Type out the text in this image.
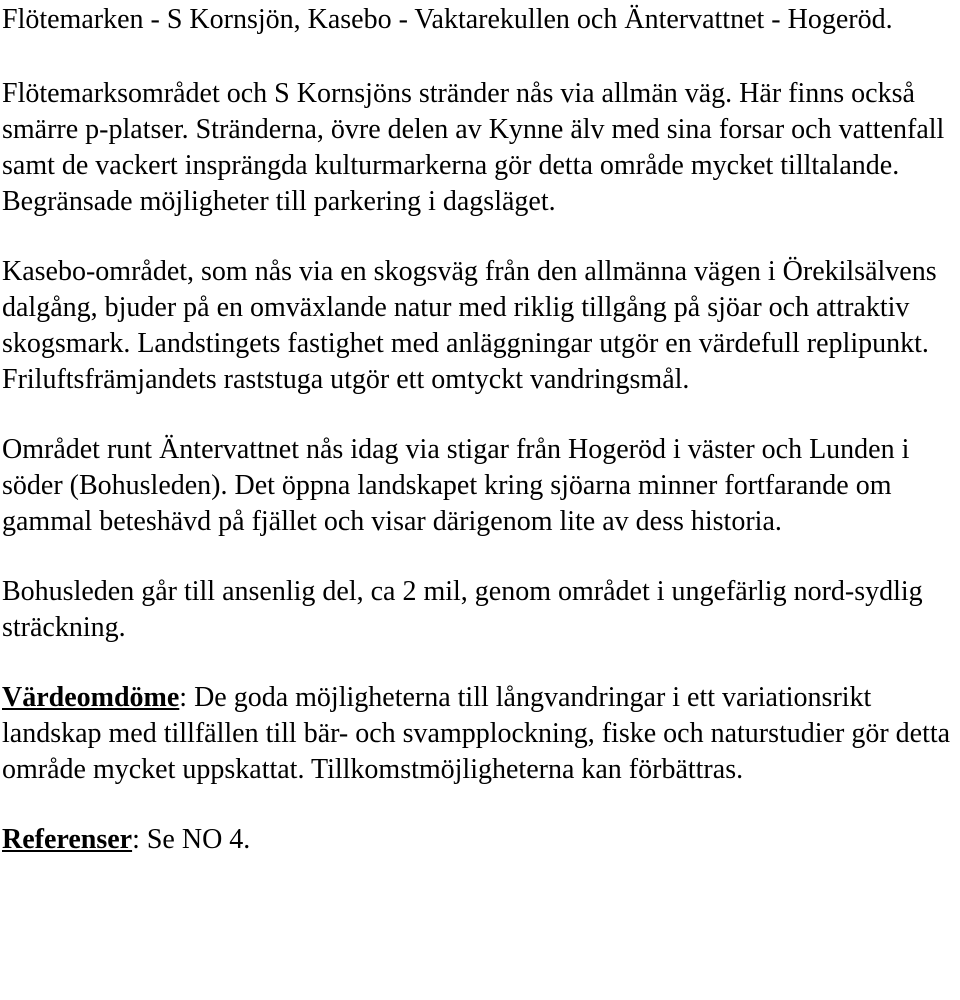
Flötemarken - S Kornsjön, Kasebo - Vaktarekullen och Äntervattnet - Hogeröd.

Flötemarksområdet och S Kornsjöns stränder nås via allmän väg. Här finns också smärre p-platser. Stränderna, övre delen av Kynne älv med sina forsar och vattenfall samt de vackert insprängda kulturmarkerna gör detta område mycket tilltalande. Begränsade möjligheter till parkering i dagsläget.

Kasebo-området, som nås via en skogsväg från den allmänna vägen i Örekilsälvens dalgång, bjuder på en omväxlande natur med riklig tillgång på sjöar och attraktiv skogsmark. Landstingets fastighet med anläggningar utgör en värdefull replipunkt. Friluftsfrämjandets raststuga utgör ett omtyckt vandringsmål.

Området runt Äntervattnet nås idag via stigar från Hogeröd i väster och Lunden i söder (Bohusleden). Det öppna landskapet kring sjöarna minner fortfarande om gammal beteshävd på fjället och visar därigenom lite av dess historia.

Bohusleden går till ansenlig del, ca 2 mil, genom området i ungefärlig nord-sydlig sträckning.

Värdeomdöme: De goda möjligheterna till långvandringar i ett variationsrikt landskap med tillfällen till bär- och svampplockning, fiske och naturstudier gör detta område mycket uppskattat. Tillkomstmöjligheterna kan förbättras.

Referenser: Se NO 4.
